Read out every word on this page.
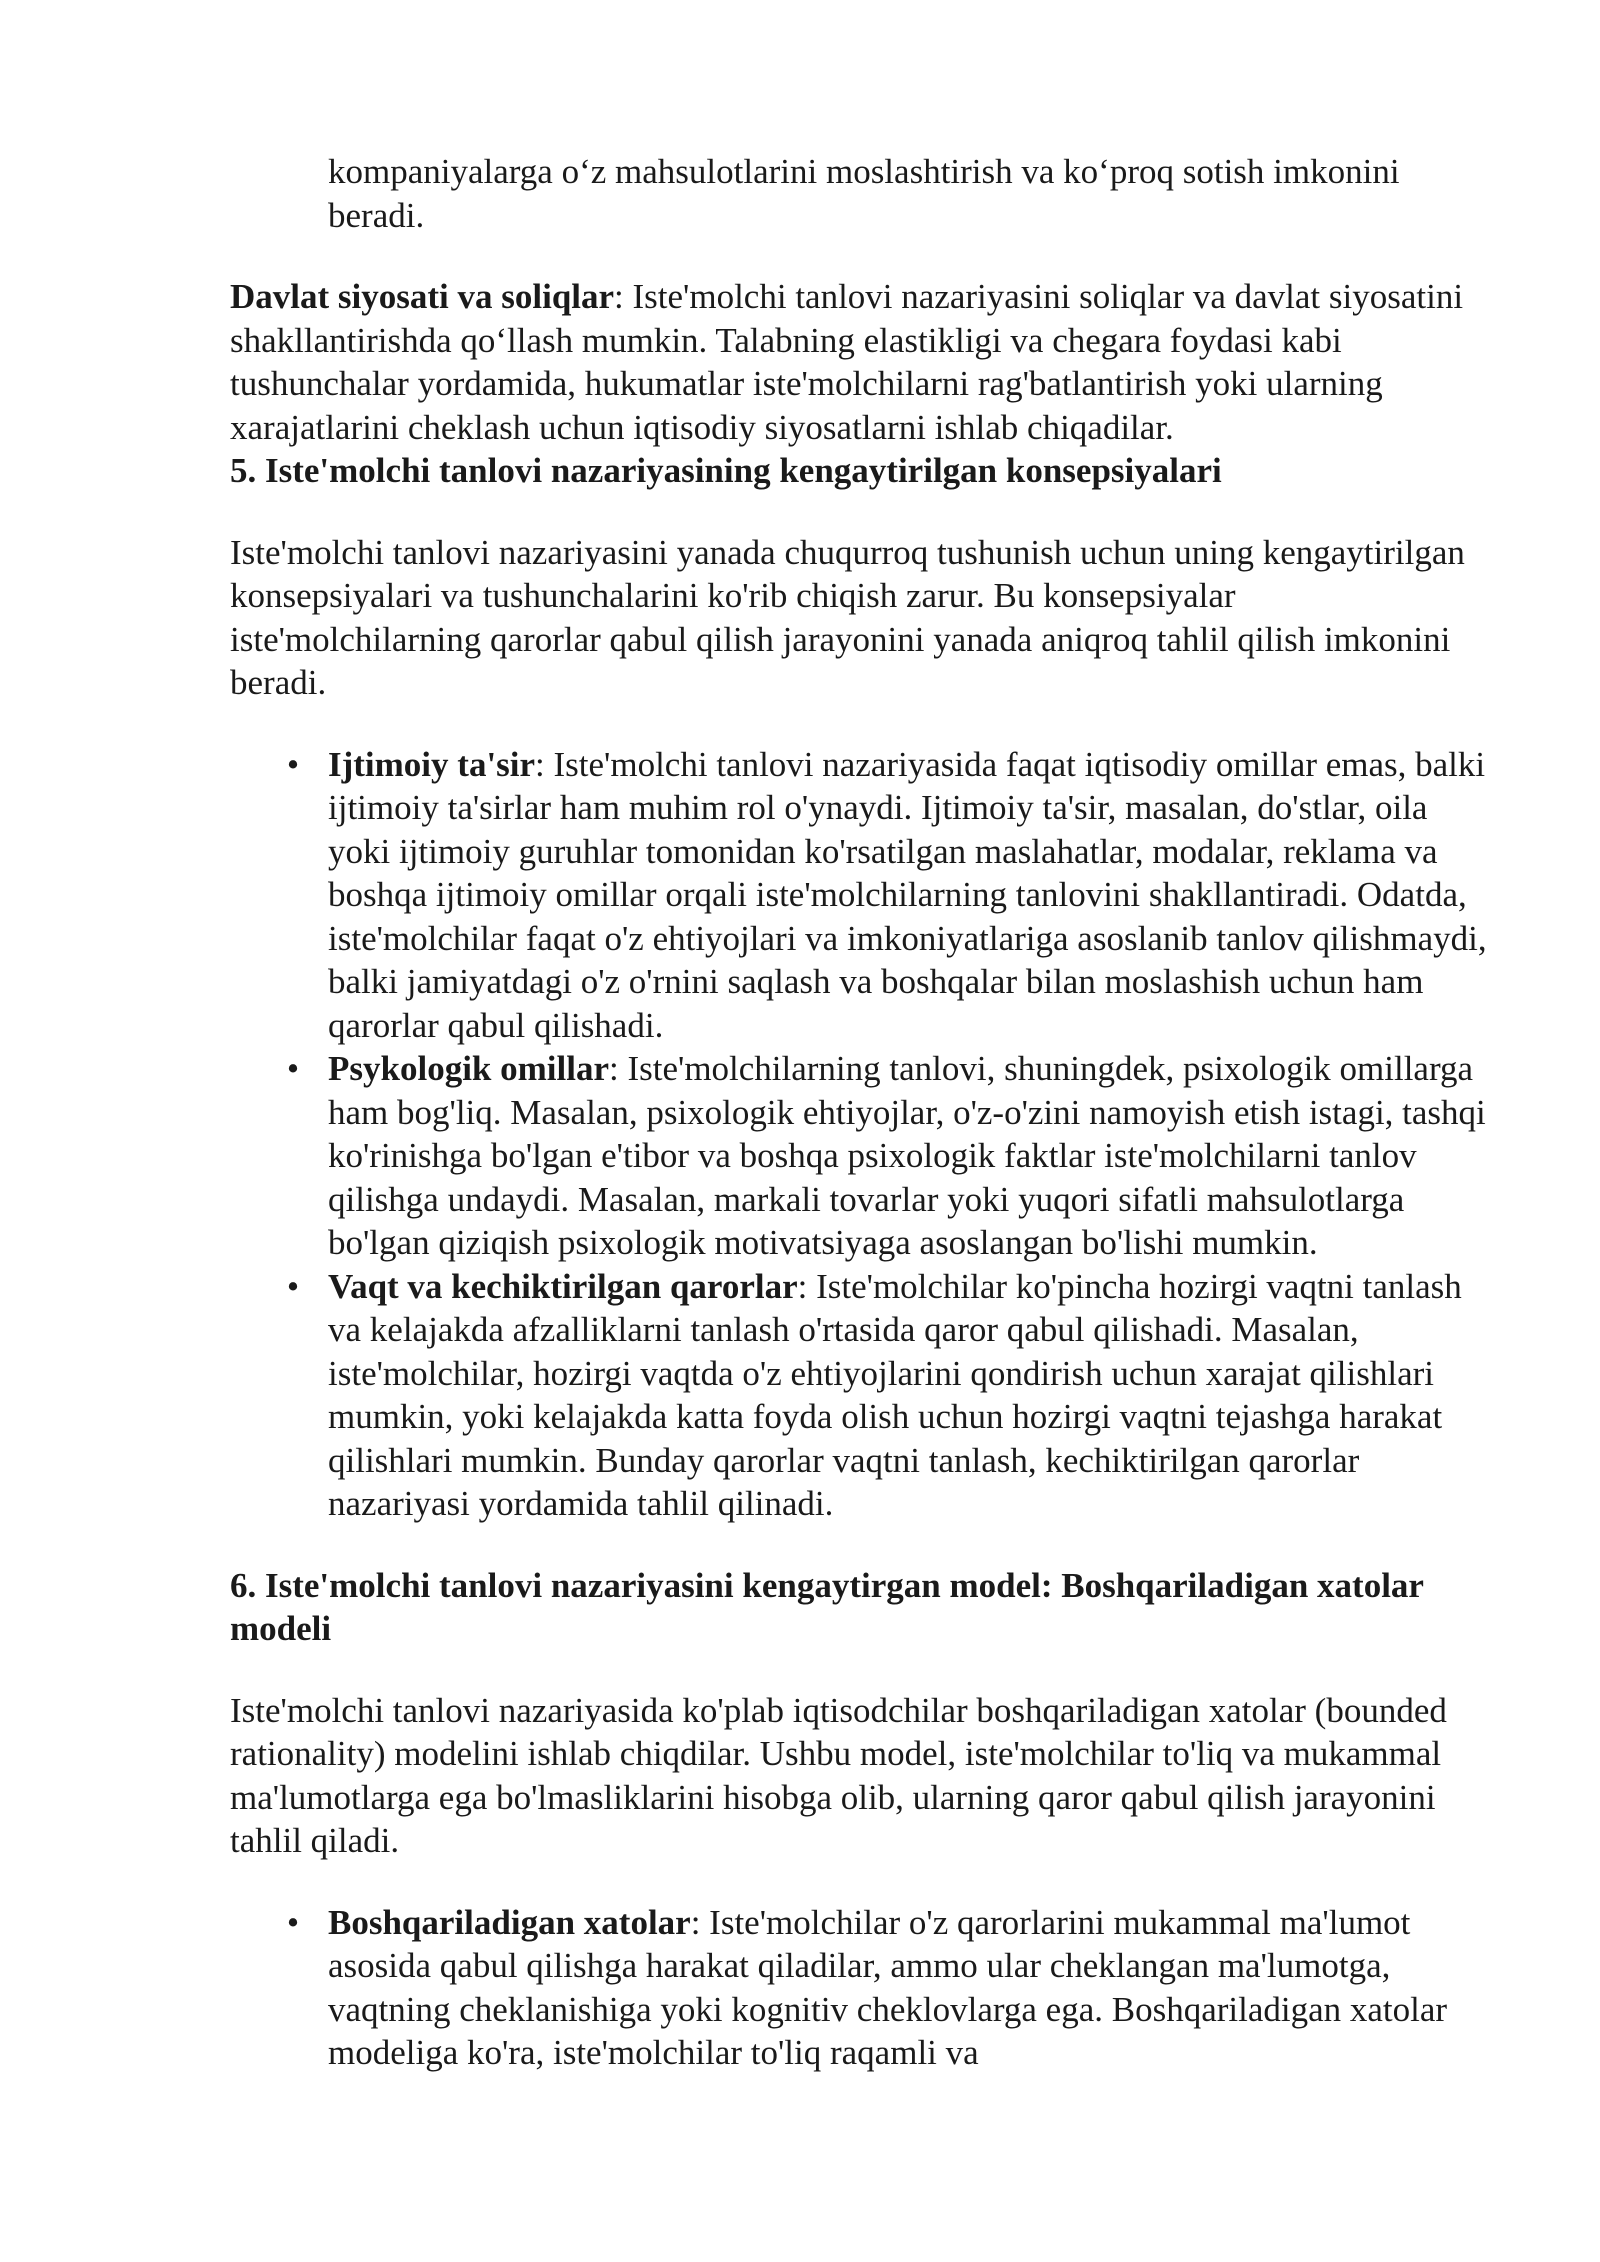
kompaniyalarga o‘z mahsulotlarini moslashtirish va ko‘proq sotish imkonini beradi.

Davlat siyosati va soliqlar: Iste'molchi tanlovi nazariyasini soliqlar va davlat siyosatini shakllantirishda qo‘llash mumkin. Talabning elastikligi va chegara foydasi kabi tushunchalar yordamida, hukumatlar iste'molchilarni rag'batlantirish yoki ularning xarajatlarini cheklash uchun iqtisodiy siyosatlarni ishlab chiqadilar.

5. Iste'molchi tanlovi nazariyasining kengaytirilgan konsepsiyalari

Iste'molchi tanlovi nazariyasini yanada chuqurroq tushunish uchun uning kengaytirilgan konsepsiyalari va tushunchalarini ko'rib chiqish zarur. Bu konsepsiyalar iste'molchilarning qarorlar qabul qilish jarayonini yanada aniqroq tahlil qilish imkonini beradi.

• Ijtimoiy ta'sir: Iste'molchi tanlovi nazariyasida faqat iqtisodiy omillar emas, balki ijtimoiy ta'sirlar ham muhim rol o'ynaydi. Ijtimoiy ta'sir, masalan, do'stlar, oila yoki ijtimoiy guruhlar tomonidan ko'rsatilgan maslahatlar, modalar, reklama va boshqa ijtimoiy omillar orqali iste'molchilarning tanlovini shakllantiradi. Odatda, iste'molchilar faqat o'z ehtiyojlari va imkoniyatlariga asoslanib tanlov qilishmaydi, balki jamiyatdagi o'z o'rnini saqlash va boshqalar bilan moslashish uchun ham qarorlar qabul qilishadi.
• Psykologik omillar: Iste'molchilarning tanlovi, shuningdek, psixologik omillarga ham bog'liq. Masalan, psixologik ehtiyojlar, o'z-o'zini namoyish etish istagi, tashqi ko'rinishga bo'lgan e'tibor va boshqa psixologik faktlar iste'molchilarni tanlov qilishga undaydi. Masalan, markali tovarlar yoki yuqori sifatli mahsulotlarga bo'lgan qiziqish psixologik motivatsiyaga asoslangan bo'lishi mumkin.
• Vaqt va kechiktirilgan qarorlar: Iste'molchilar ko'pincha hozirgi vaqtni tanlash va kelajakda afzalliklarni tanlash o'rtasida qaror qabul qilishadi. Masalan, iste'molchilar, hozirgi vaqtda o'z ehtiyojlarini qondirish uchun xarajat qilishlari mumkin, yoki kelajakda katta foyda olish uchun hozirgi vaqtni tejashga harakat qilishlari mumkin. Bunday qarorlar vaqtni tanlash, kechiktirilgan qarorlar nazariyasi yordamida tahlil qilinadi.

6. Iste'molchi tanlovi nazariyasini kengaytirgan model: Boshqariladigan xatolar modeli

Iste'molchi tanlovi nazariyasida ko'plab iqtisodchilar boshqariladigan xatolar (bounded rationality) modelini ishlab chiqdilar. Ushbu model, iste'molchilar to'liq va mukammal ma'lumotlarga ega bo'lmasliklarini hisobga olib, ularning qaror qabul qilish jarayonini tahlil qiladi.

• Boshqariladigan xatolar: Iste'molchilar o'z qarorlarini mukammal ma'lumot asosida qabul qilishga harakat qiladilar, ammo ular cheklangan ma'lumotga, vaqtning cheklanishiga yoki kognitiv cheklovlarga ega. Boshqariladigan xatolar modeliga ko'ra, iste'molchilar to'liq raqamli va
